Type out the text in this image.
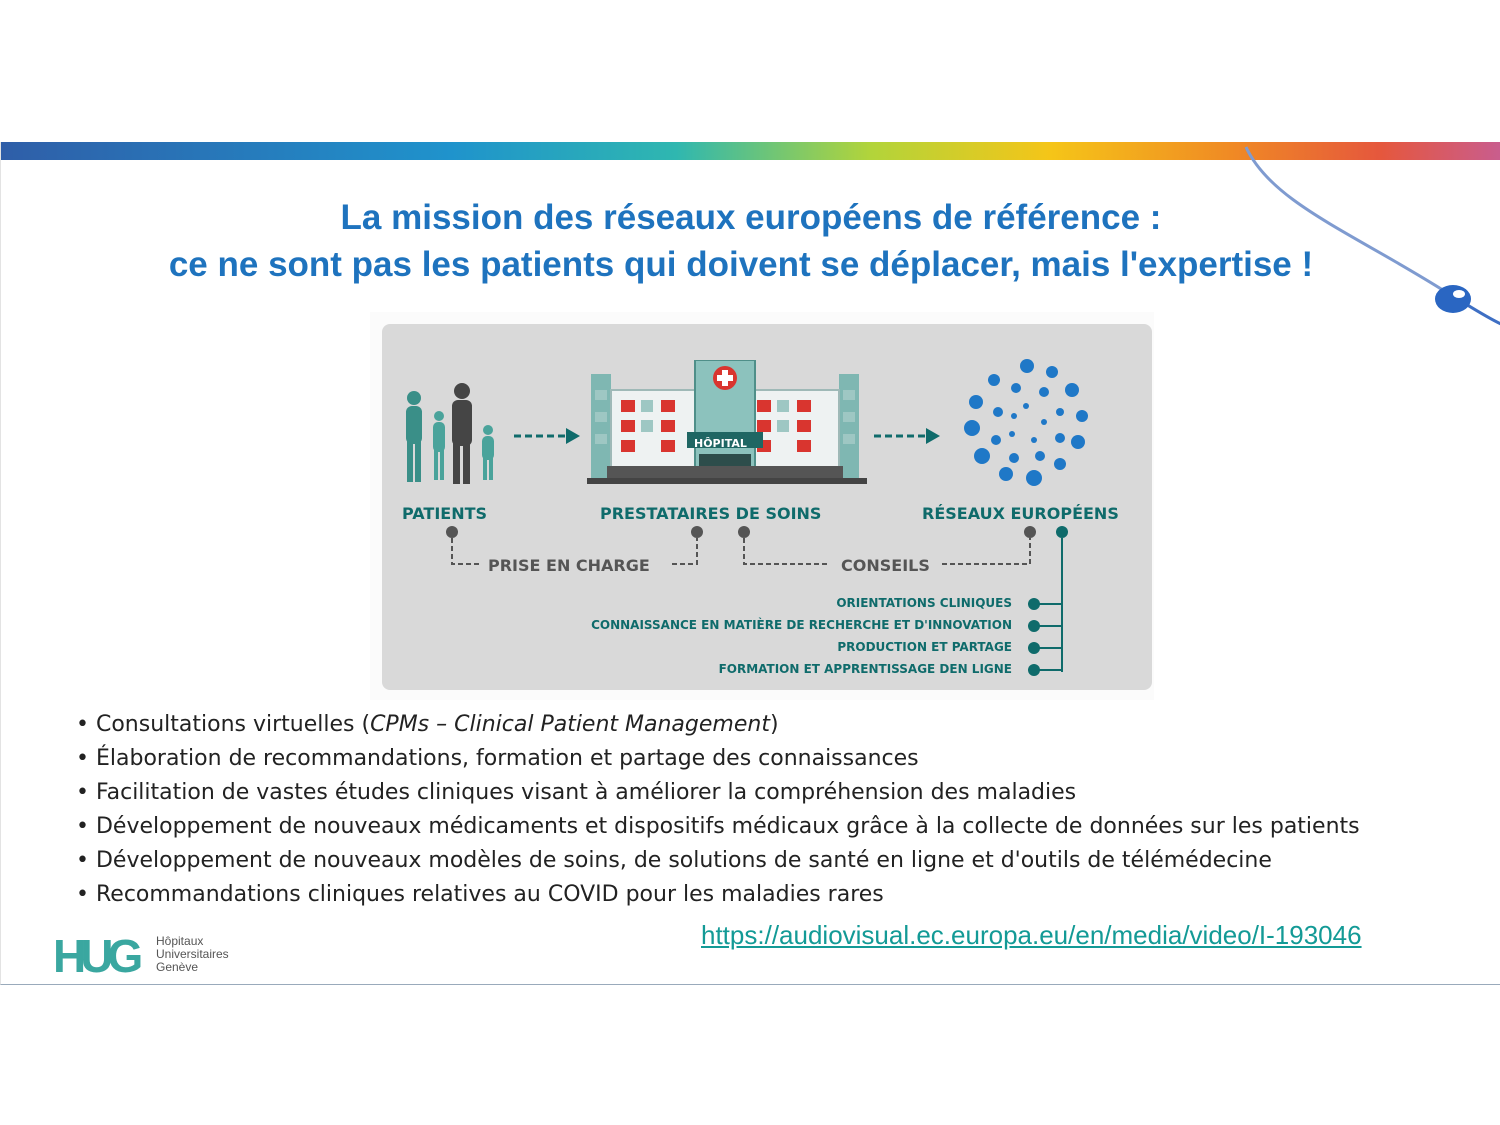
La mission des réseaux européens de référence :
ce ne sont pas les patients qui doivent se déplacer, mais l'expertise !
HÔPITAL
PATIENTS	PRESTATAIRES DE SOINS	RÉSEAUX EUROPÉENS
PRISE EN CHARGE	CONSEILS
ORIENTATIONS CLINIQUES
CONNAISSANCE EN MATIÈRE DE RECHERCHE ET D'INNOVATION
PRODUCTION ET PARTAGE
FORMATION ET APPRENTISSAGE DEN LIGNE
• Consultations virtuelles (CPMs – Clinical Patient Management)
• Élaboration de recommandations, formation et partage des connaissances
• Facilitation de vastes études cliniques visant à améliorer la compréhension des maladies
• Développement de nouveaux médicaments et dispositifs médicaux grâce à la collecte de données sur les patients
• Développement de nouveaux modèles de soins, de solutions de santé en ligne et d'outils de télémédecine
• Recommandations cliniques relatives au COVID pour les maladies rares
https://audiovisual.ec.europa.eu/en/media/video/I-193046
HUG Hôpitaux
Universitaires
Genève
